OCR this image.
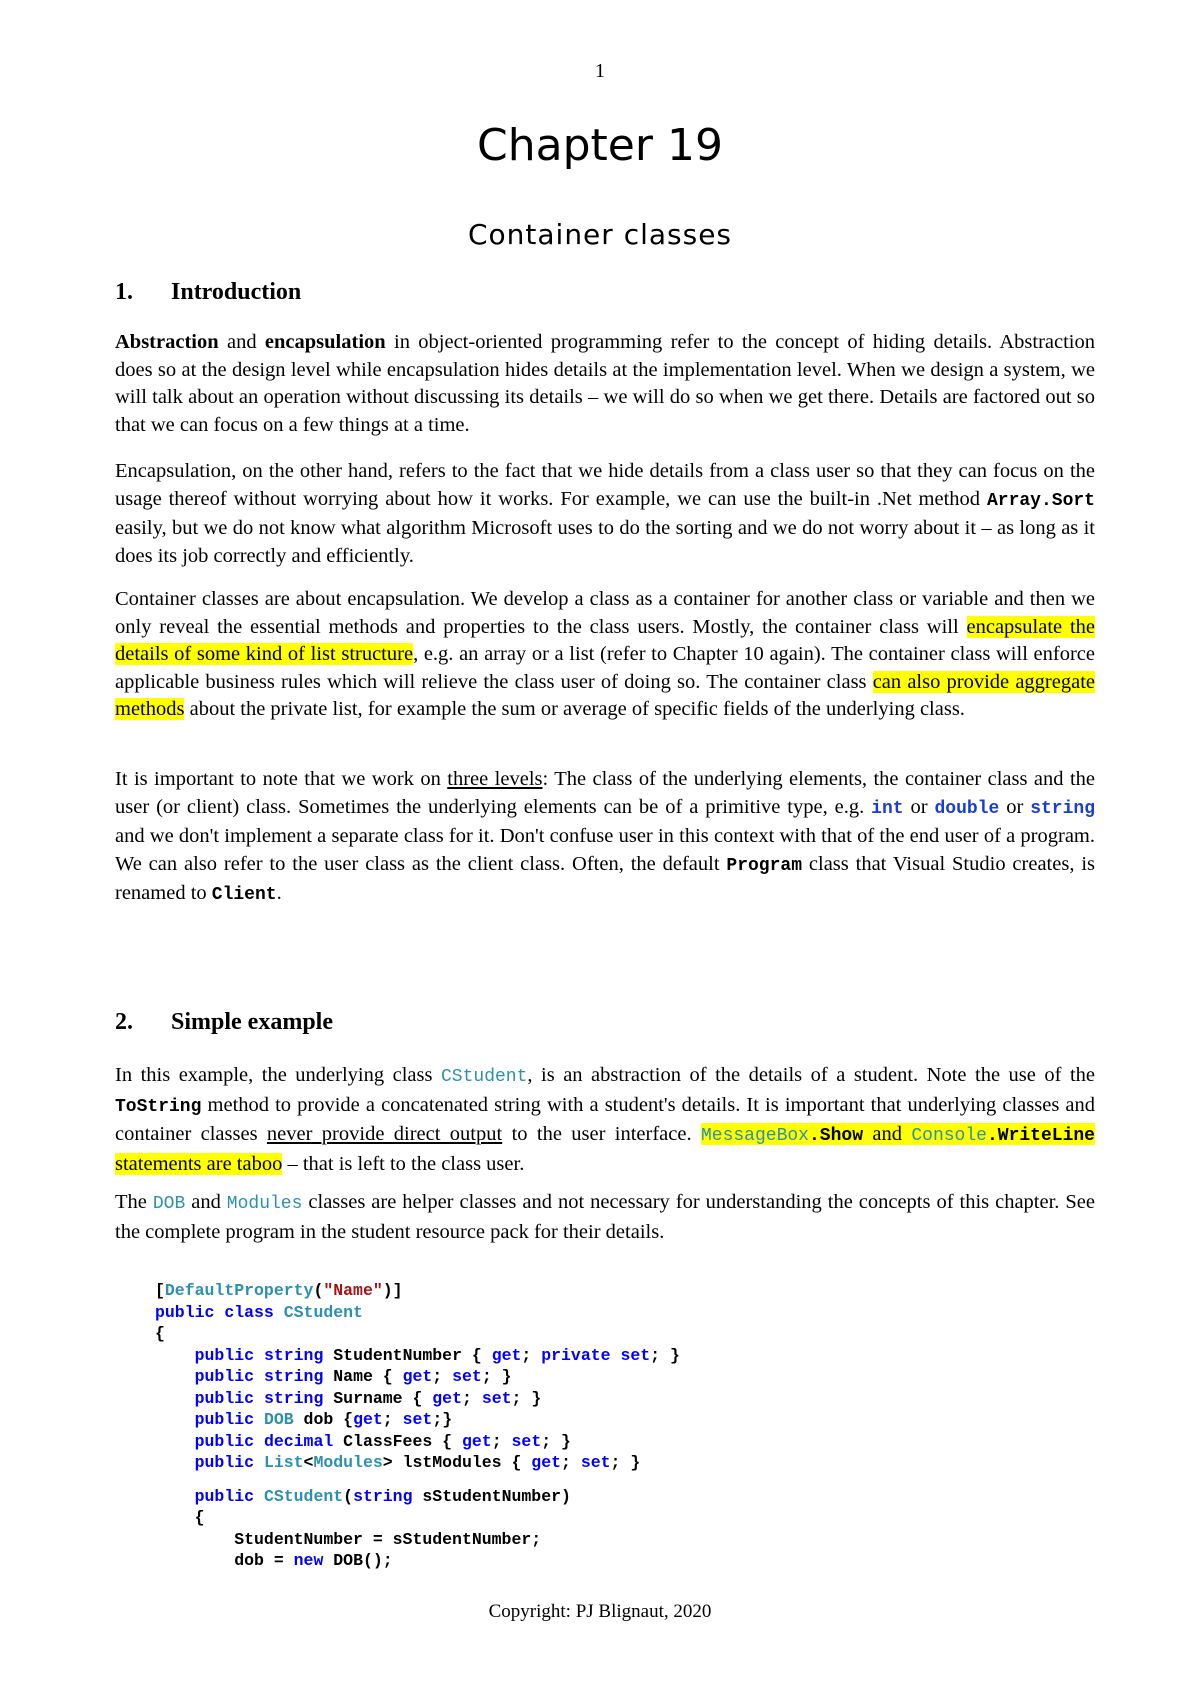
1
Chapter 19
Container classes
1. Introduction

Abstraction and encapsulation in object-oriented programming refer to the concept of hiding details. Abstraction does so at the design level while encapsulation hides details at the implementation level. When we design a system, we will talk about an operation without discussing its details – we will do so when we get there. Details are factored out so that we can focus on a few things at a time.

Encapsulation, on the other hand, refers to the fact that we hide details from a class user so that they can focus on the usage thereof without worrying about how it works. For example, we can use the built-in .Net method Array.Sort easily, but we do not know what algorithm Microsoft uses to do the sorting and we do not worry about it – as long as it does its job correctly and efficiently.

Container classes are about encapsulation. We develop a class as a container for another class or variable and then we only reveal the essential methods and properties to the class users. Mostly, the container class will encapsulate the details of some kind of list structure, e.g. an array or a list (refer to Chapter 10 again). The container class will enforce applicable business rules which will relieve the class user of doing so. The container class can also provide aggregate methods about the private list, for example the sum or average of specific fields of the underlying class.

It is important to note that we work on three levels: The class of the underlying elements, the container class and the user (or client) class. Sometimes the underlying elements can be of a primitive type, e.g. int or double or string and we don't implement a separate class for it. Don't confuse user in this context with that of the end user of a program. We can also refer to the user class as the client class. Often, the default Program class that Visual Studio creates, is renamed to Client.

2. Simple example

In this example, the underlying class CStudent, is an abstraction of the details of a student. Note the use of the ToString method to provide a concatenated string with a student's details. It is important that underlying classes and container classes never provide direct output to the user interface. MessageBox.Show and Console.WriteLine statements are taboo – that is left to the class user.

The DOB and Modules classes are helper classes and not necessary for understanding the concepts of this chapter. See the complete program in the student resource pack for their details.

[DefaultProperty("Name")]
public class CStudent
{
public string StudentNumber { get; private set; }
public string Name { get; set; }
public string Surname { get; set; }
public DOB dob {get; set;}
public decimal ClassFees { get; set; }
public List<Modules> lstModules { get; set; }
public CStudent(string sStudentNumber)
{
StudentNumber = sStudentNumber;
dob = new DOB();
Copyright: PJ Blignaut, 2020
